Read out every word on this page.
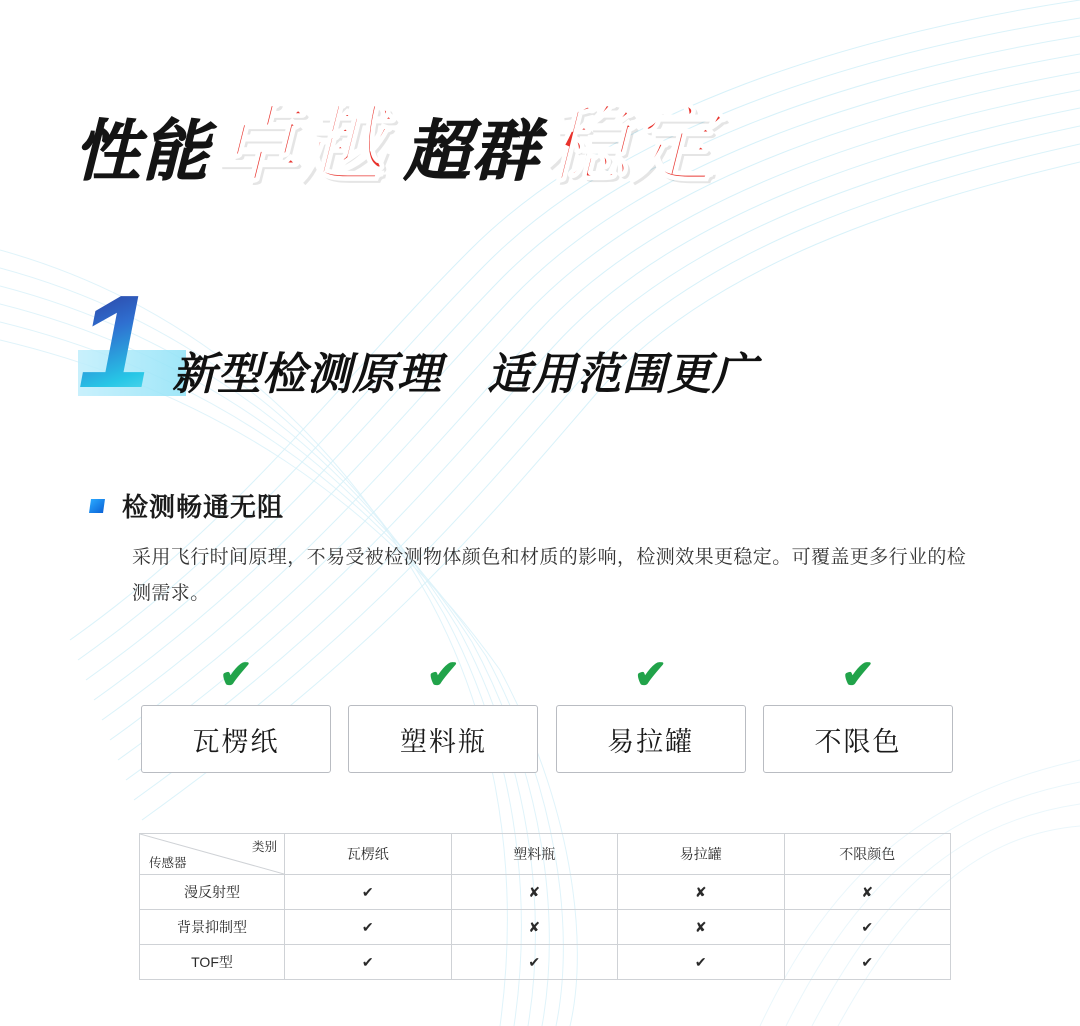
性能卓越 超群稳定
1 新型检测原理　适用范围更广
检测畅通无阻
采用飞行时间原理，不易受被检测物体颜色和材质的影响，检测效果更稳定。可覆盖更多行业的检测需求。
✔
瓦楞纸
✔
塑料瓶
✔
易拉罐
✔
不限色
类别
传感器	瓦楞纸	塑料瓶	易拉罐	不限颜色
漫反射型	✔	✘	✘	✘
背景抑制型	✔	✘	✘	✔
TOF型	✔	✔	✔	✔
